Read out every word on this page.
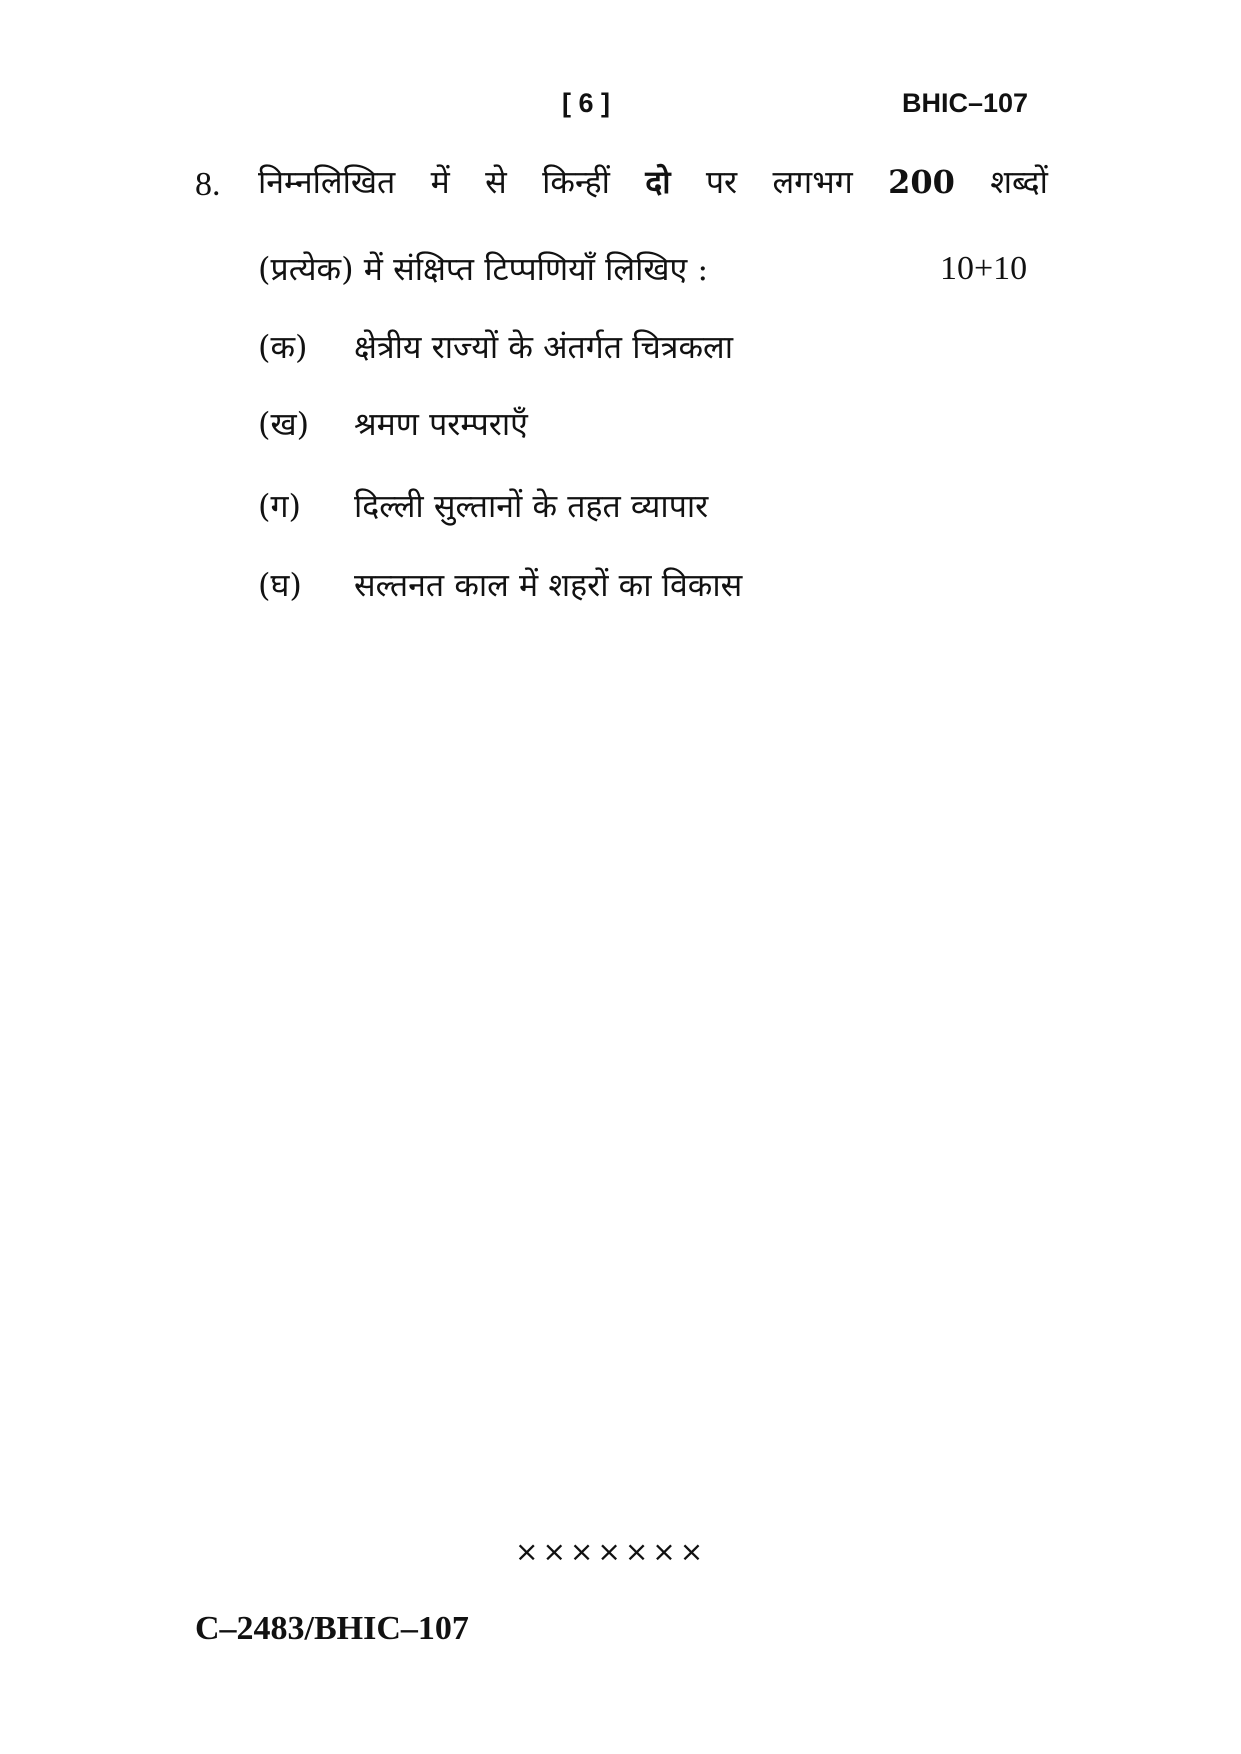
[ 6 ]	BHIC–107
8. निम्नलिखित में से किन्हीं दो पर लगभग 200 शब्दों
(प्रत्येक) में संक्षिप्त टिप्पणियाँ लिखिए :	10+10
(क) क्षेत्रीय राज्यों के अंतर्गत चित्रकला
(ख) श्रमण परम्पराएँ
(ग) दिल्ली सुल्तानों के तहत व्यापार
(घ) सल्तनत काल में शहरों का विकास
×××××××
C–2483/BHIC–107
